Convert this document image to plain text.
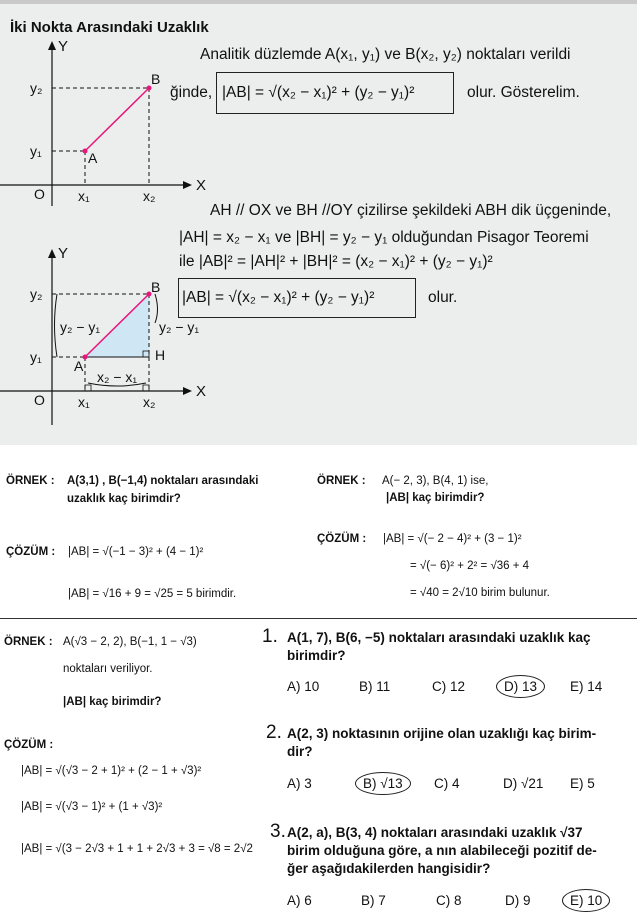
İki Nokta Arasındaki Uzaklık
Analitik düzlemde A(x₁, y₁) ve B(x₂, y₂) noktaları verildi
ğinde, |AB| = √(x₂ − x₁)² + (y₂ − y₁)²	olur. Gösterelim.
AH // OX ve BH //OY çizilirse şekildeki ABH dik üçgeninde,
|AH| = x₂ − x₁ ve |BH| = y₂ − y₁ olduğundan Pisagor Teoremi
ile |AB|² = |AH|² + |BH|² = (x₂ − x₁)² + (y₂ − y₁)²
|AB| = √(x₂ − x₁)² + (y₂ − y₁)²	olur.
Y
X
O
y₂
y₁
x₁	x₂
A
B
Y
X
O
y₂
y₁
x₁	x₂
A
B
H
y₂ − y₁	y₂ − y₁
x₂ − x₁
ÖRNEK : A(3,1) , B(−1,4) noktaları arasındaki
uzaklık kaç birimdir?
ÇÖZÜM : |AB| = √(−1 − 3)² + (4 − 1)²
|AB| = √16 + 9 = √25 = 5 birimdir.
ÖRNEK : A(− 2, 3), B(4, 1) ise,
|AB| kaç birimdir?
ÇÖZÜM : |AB| = √(− 2 − 4)² + (3 − 1)²
= √(− 6)² + 2² = √36 + 4
= √40 = 2√10 birim bulunur.
ÖRNEK : A(√3 − 2, 2), B(−1, 1 − √3)
noktaları veriliyor.
|AB| kaç birimdir?
ÇÖZÜM :
|AB| = √(√3 − 2 + 1)² + (2 − 1 + √3)²
|AB| = √(√3 − 1)² + (1 + √3)²
|AB| = √(3 − 2√3 + 1 + 1 + 2√3 + 3 = √8 = 2√2
1. A(1, 7), B(6, −5) noktaları arasındaki uzaklık kaç
birimdir?
A) 10	B) 11	C) 12	D) 13	E) 14
2. A(2, 3) noktasının orijine olan uzaklığı kaç birim-
dir?
A) 3	B) √13	C) 4	D) √21 E) 5
3. A(2, a), B(3, 4) noktaları arasındaki uzaklık √37
birim olduğuna göre, a nın alabileceği pozitif de-
ğer aşağıdakilerden hangisidir?
A) 6	B) 7	C) 8	D) 9	E) 10
